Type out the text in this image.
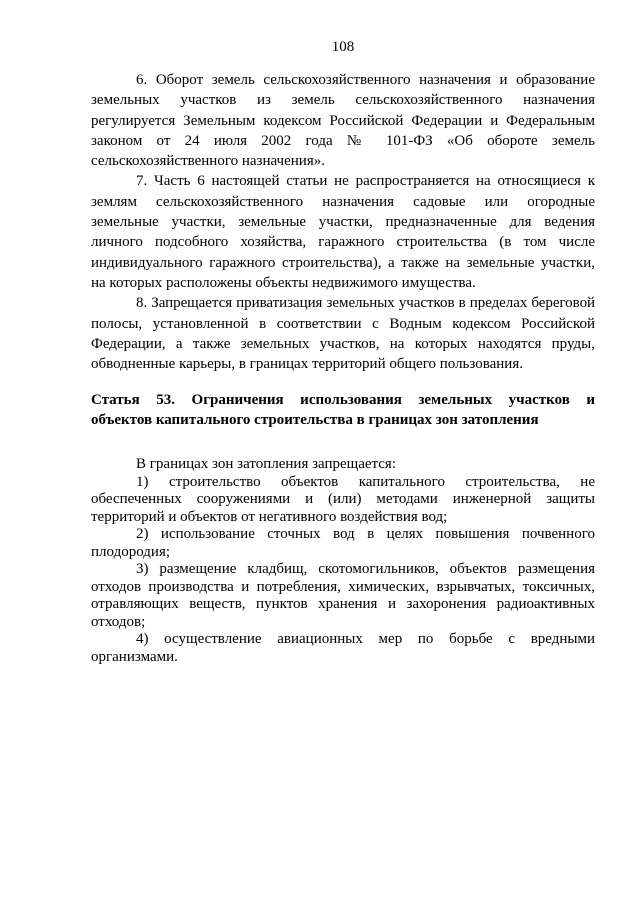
108
6. Оборот земель сельскохозяйственного назначения и образование
земельных участков из земель сельскохозяйственного назначения
регулируется Земельным кодексом Российской Федерации и Федеральным
законом от 24 июля 2002 года № 101-ФЗ «Об обороте земель
сельскохозяйственного назначения».
7. Часть 6 настоящей статьи не распространяется на относящиеся к
землям сельскохозяйственного назначения садовые или огородные
земельные участки, земельные участки, предназначенные для ведения
личного подсобного хозяйства, гаражного строительства (в том числе
индивидуального гаражного строительства), а также на земельные участки,
на которых расположены объекты недвижимого имущества.
8. Запрещается приватизация земельных участков в пределах береговой
полосы, установленной в соответствии с Водным кодексом Российской
Федерации, а также земельных участков, на которых находятся пруды,
обводненные карьеры, в границах территорий общего пользования.
Статья 53. Ограничения использования земельных участков и
объектов капитального строительства в границах зон затопления
В границах зон затопления запрещается:
1) строительство объектов капитального строительства, не
обеспеченных сооружениями и (или) методами инженерной защиты
территорий и объектов от негативного воздействия вод;
2) использование сточных вод в целях повышения почвенного
плодородия;
3) размещение кладбищ, скотомогильников, объектов размещения
отходов производства и потребления, химических, взрывчатых, токсичных,
отравляющих веществ, пунктов хранения и захоронения радиоактивных
отходов;
4) осуществление авиационных мер по борьбе с вредными
организмами.
